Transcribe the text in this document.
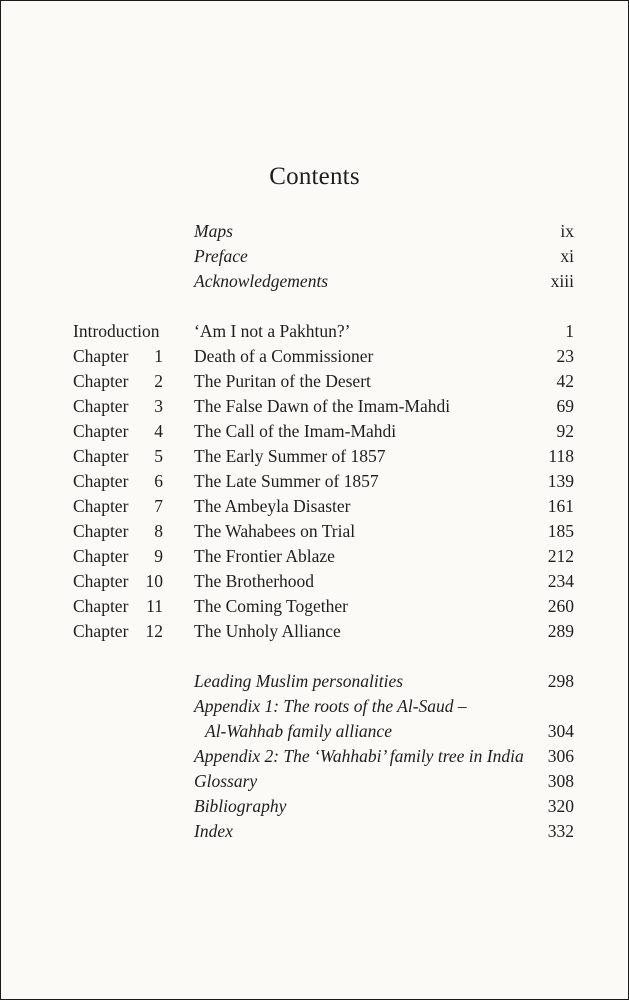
Contents
Maps	ix
Preface	xi
Acknowledgements	xiii
Introduction ‘Am I not a Pakhtun?’	1
Chapter	1 Death of a Commissioner	23
Chapter	2 The Puritan of the Desert	42
Chapter	3 The False Dawn of the Imam-Mahdi	69
Chapter	4 The Call of the Imam-Mahdi	92
Chapter	5 The Early Summer of 1857	118
Chapter	6 The Late Summer of 1857	139
Chapter	7 The Ambeyla Disaster	161
Chapter	8 The Wahabees on Trial	185
Chapter	9 The Frontier Ablaze	212
Chapter 10 The Brotherhood	234
Chapter 11 The Coming Together	260
Chapter 12 The Unholy Alliance	289
Leading Muslim personalities	298
Appendix 1: The roots of the Al-Saud –
Al-Wahhab family alliance	304
Appendix 2: The ‘Wahhabi’ family tree in India 306
Glossary	308
Bibliography	320
Index	332
